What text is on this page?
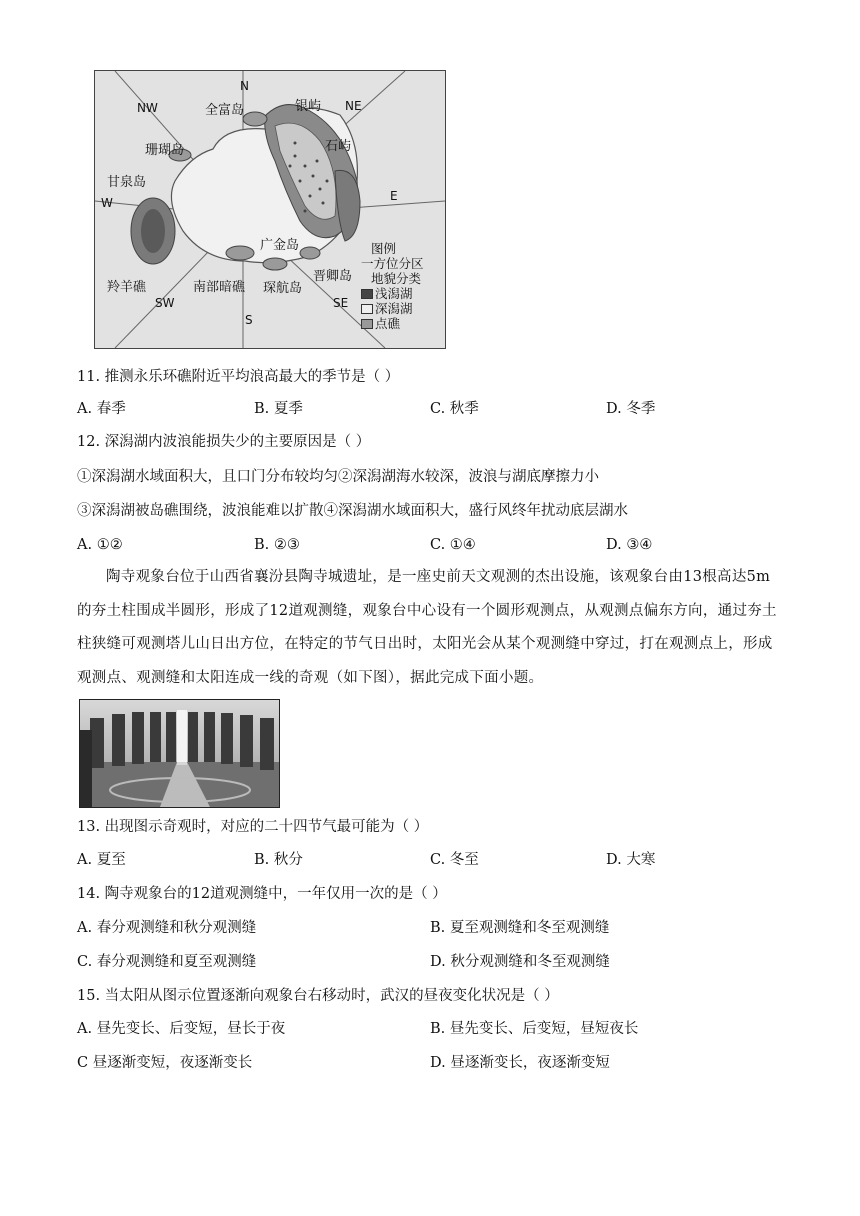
N
NE
E
SE
S
SW
W
NW	全富岛	银屿
珊瑚岛	石屿
甘泉岛
广金岛
晋卿岛
羚羊礁	南部暗礁 琛航岛
图例
一方位分区
地貌分类
浅潟湖
深潟湖
点礁
11. 推测永乐环礁附近平均浪高最大的季节是（ ）
A. 春季	B. 夏季	C. 秋季	D. 冬季
12. 深潟湖内波浪能损失少的主要原因是（ ）
①深潟湖水域面积大，且口门分布较均匀②深潟湖海水较深，波浪与湖底摩擦力小
③深潟湖被岛礁围绕，波浪能难以扩散④深潟湖水域面积大，盛行风终年扰动底层湖水
A. ①②	B. ②③	C. ①④	D. ③④
陶寺观象台位于山西省襄汾县陶寺城遗址，是一座史前天文观测的杰出设施，该观象台由13根高达5m的夯土柱围成半圆形，形成了12道观测缝，观象台中心设有一个圆形观测点，从观测点偏东方向，通过夯土柱狭缝可观测塔儿山日出方位，在特定的节气日出时，太阳光会从某个观测缝中穿过，打在观测点上，形成观测点、观测缝和太阳连成一线的奇观（如下图），据此完成下面小题。
13. 出现图示奇观时，对应的二十四节气最可能为（ ）
A. 夏至	B. 秋分	C. 冬至	D. 大寒
14. 陶寺观象台的12道观测缝中，一年仅用一次的是（ ）
A. 春分观测缝和秋分观测缝	B. 夏至观测缝和冬至观测缝
C. 春分观测缝和夏至观测缝	D. 秋分观测缝和冬至观测缝
15. 当太阳从图示位置逐渐向观象台右移动时，武汉的昼夜变化状况是（ ）
A. 昼先变长、后变短，昼长于夜	B. 昼先变长、后变短，昼短夜长
C 昼逐渐变短，夜逐渐变长	D. 昼逐渐变长，夜逐渐变短
